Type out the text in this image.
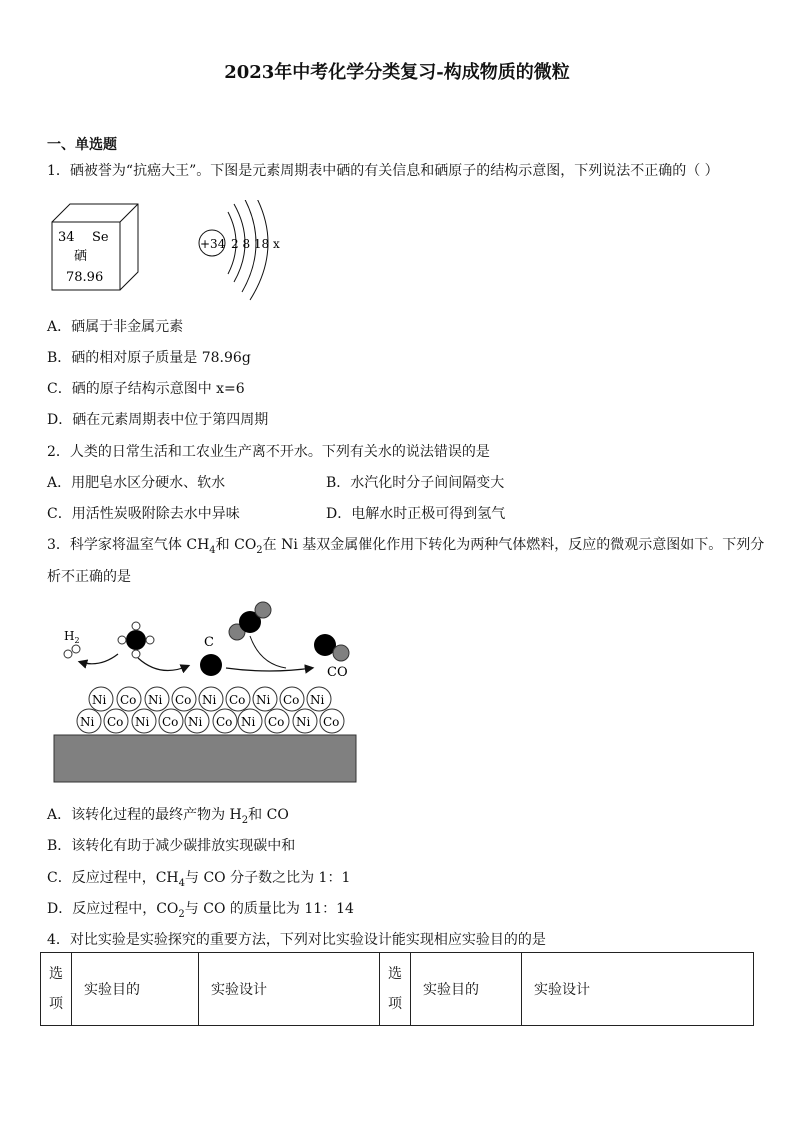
2023年中考化学分类复习-构成物质的微粒
一、单选题
1．硒被誉为“抗癌大王”。下图是元素周期表中硒的有关信息和硒原子的结构示意图，下列说法不正确的（ ）
34 Se
硒
78.96
+34 2 8 18 x
A．硒属于非金属元素
B．硒的相对原子质量是 78.96g
C．硒的原子结构示意图中 x=6
D．硒在元素周期表中位于第四周期
2．人类的日常生活和工农业生产离不开水。下列有关水的说法错误的是
A．用肥皂水区分硬水、软水	B．水汽化时分子间间隔变大
C．用活性炭吸附除去水中异味	D．电解水时正极可得到氢气
3．科学家将温室气体 $CH_4$和 $CO_2$在 Ni 基双金属催化作用下转化为两种气体燃料，反应的微观示意图如下。下列分
析不正确的是
Ni Co Ni Co Ni Co Ni Co Ni Co
Ni Co Ni Co Ni Co Ni Co Ni
$H_2$	C
CO
A．该转化过程的最终产物为 $H_2$和 CO
B．该转化有助于减少碳排放实现碳中和
C．反应过程中，$CH_4$与 CO 分子数之比为 1：1
D．反应过程中，$CO_2$与 CO 的质量比为 11：14
4．对比实验是实验探究的重要方法，下列对比实验设计能实现相应实验目的的是
选项	实验目的	实验设计	选项	实验目的	实验设计
